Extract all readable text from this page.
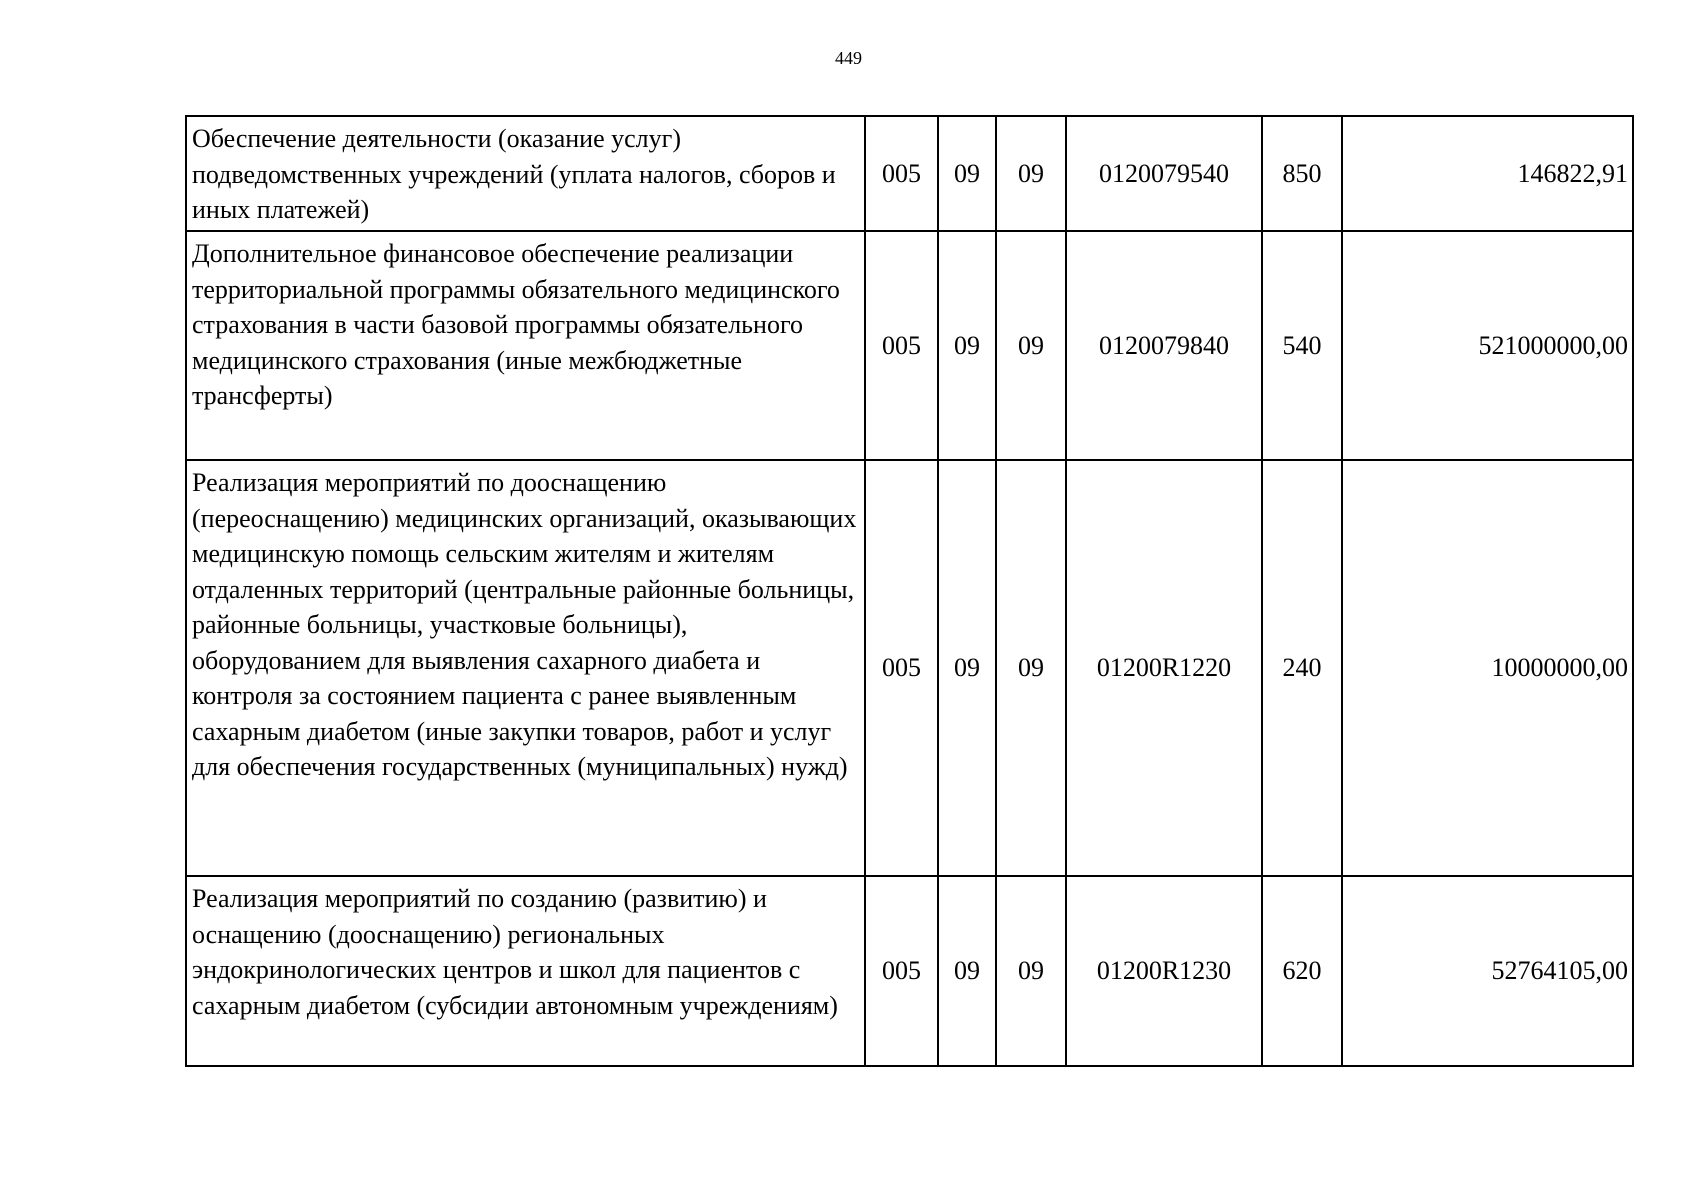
449
Обеспечение деятельности (оказание услуг) подведомственных учреждений (уплата налогов, сборов и иных платежей)	005	09	09	0120079540	850	146822,91
Дополнительное финансовое обеспечение реализации территориальной программы обязательного медицинского страхования в части базовой программы обязательного медицинского страхования (иные межбюджетные трансферты)	005	09	09	0120079840	540	521000000,00
Реализация мероприятий по дооснащению (переоснащению) медицинских организаций, оказывающих медицинскую помощь сельским жителям и жителям отдаленных территорий (центральные районные больницы, районные больницы, участковые больницы), оборудованием для выявления сахарного диабета и контроля за состоянием пациента с ранее выявленным сахарным диабетом (иные закупки товаров, работ и услуг для обеспечения государственных (муниципальных) нужд)	005	09	09	01200R1220	240	10000000,00
Реализация мероприятий по созданию (развитию) и оснащению (дооснащению) региональных эндокринологических центров и школ для пациентов с сахарным диабетом (субсидии автономным учреждениям)	005	09	09	01200R1230	620	52764105,00
